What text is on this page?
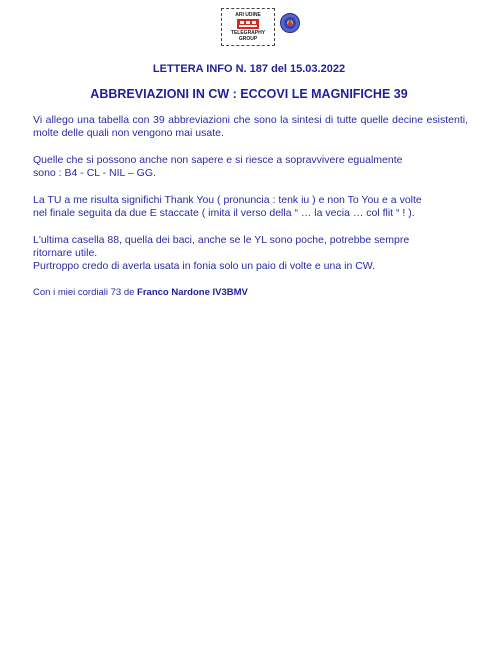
ARI UDINE
TELEGRAPHY GROUP
LETTERA INFO N. 187 del 15.03.2022
ABBREVIAZIONI IN CW : ECCOVI LE MAGNIFICHE 39
Vi allego una tabella con 39 abbreviazioni che sono la sintesi di tutte quelle decine esistenti, molte delle quali non vengono mai usate.
Quelle che si possono anche non sapere e si riesce a sopravvivere egualmente
sono : B4 - CL - NIL – GG.
La TU a me risulta significhi Thank You ( pronuncia : tenk iu ) e non To You e a volte
nel finale seguita da due E staccate ( imita il verso della “ … la vecia … col flit “ ! ).
L'ultima casella 88, quella dei baci, anche se le YL sono poche, potrebbe sempre
ritornare utile.
Purtroppo credo di averla usata in fonia solo un paio di volte e una in CW.
Con i miei cordiali 73 de Franco Nardone IV3BMV
